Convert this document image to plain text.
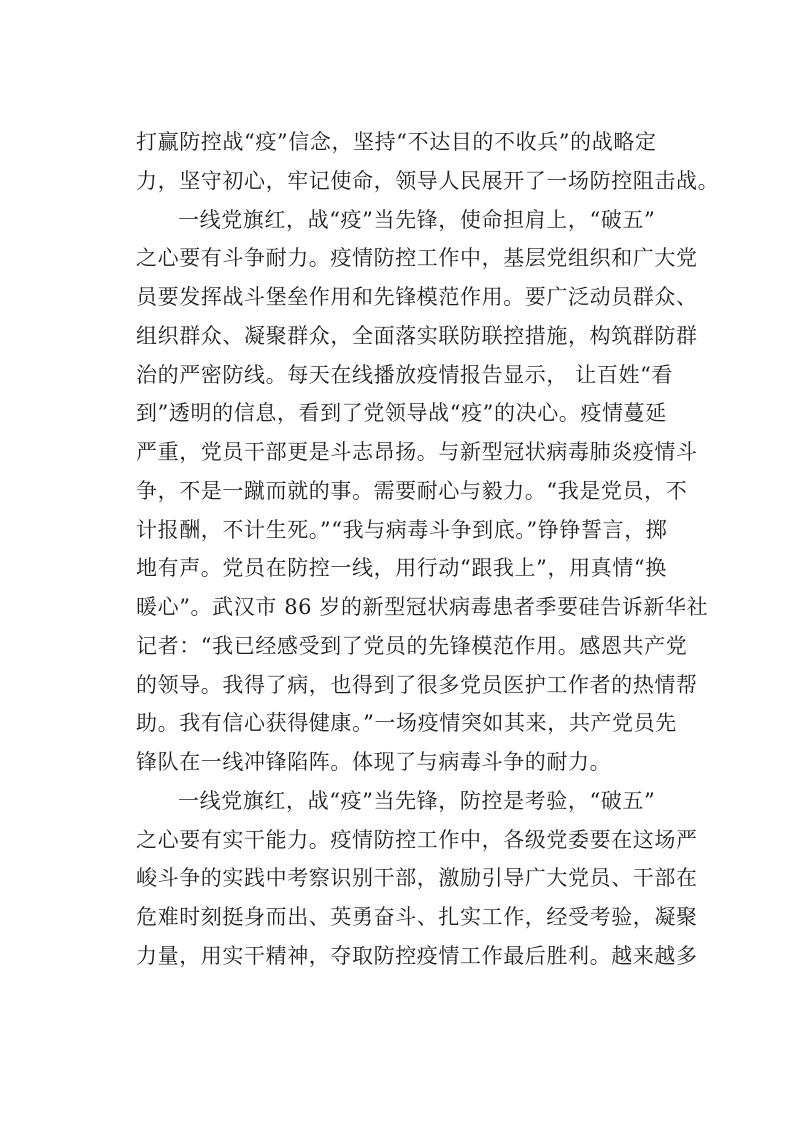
打赢防控战“疫”信念，坚持“不达目的不收兵”的战略定
力，坚守初心，牢记使命，领导人民展开了一场防控阻击战。
一线党旗红，战“疫”当先锋，使命担肩上，“破五”
之心要有斗争耐力。疫情防控工作中，基层党组织和广大党
员要发挥战斗堡垒作用和先锋模范作用。要广泛动员群众、
组织群众、凝聚群众，全面落实联防联控措施，构筑群防群
治的严密防线。每天在线播放疫情报告显示， 让百姓“看
到”透明的信息，看到了党领导战“疫”的决心。疫情蔓延
严重，党员干部更是斗志昂扬。与新型冠状病毒肺炎疫情斗
争，不是一蹴而就的事。需要耐心与毅力。“我是党员，不
计报酬，不计生死。”“我与病毒斗争到底。”铮铮誓言，掷
地有声。党员在防控一线，用行动“跟我上”，用真情“换
暖心”。武汉市 86 岁的新型冠状病毒患者季要硅告诉新华社
记者：“我已经感受到了党员的先锋模范作用。感恩共产党
的领导。我得了病，也得到了很多党员医护工作者的热情帮
助。我有信心获得健康。”一场疫情突如其来，共产党员先
锋队在一线冲锋陷阵。体现了与病毒斗争的耐力。
一线党旗红，战“疫”当先锋，防控是考验，“破五”
之心要有实干能力。疫情防控工作中，各级党委要在这场严
峻斗争的实践中考察识别干部，激励引导广大党员、干部在
危难时刻挺身而出、英勇奋斗、扎实工作，经受考验，凝聚
力量，用实干精神，夺取防控疫情工作最后胜利。越来越多
